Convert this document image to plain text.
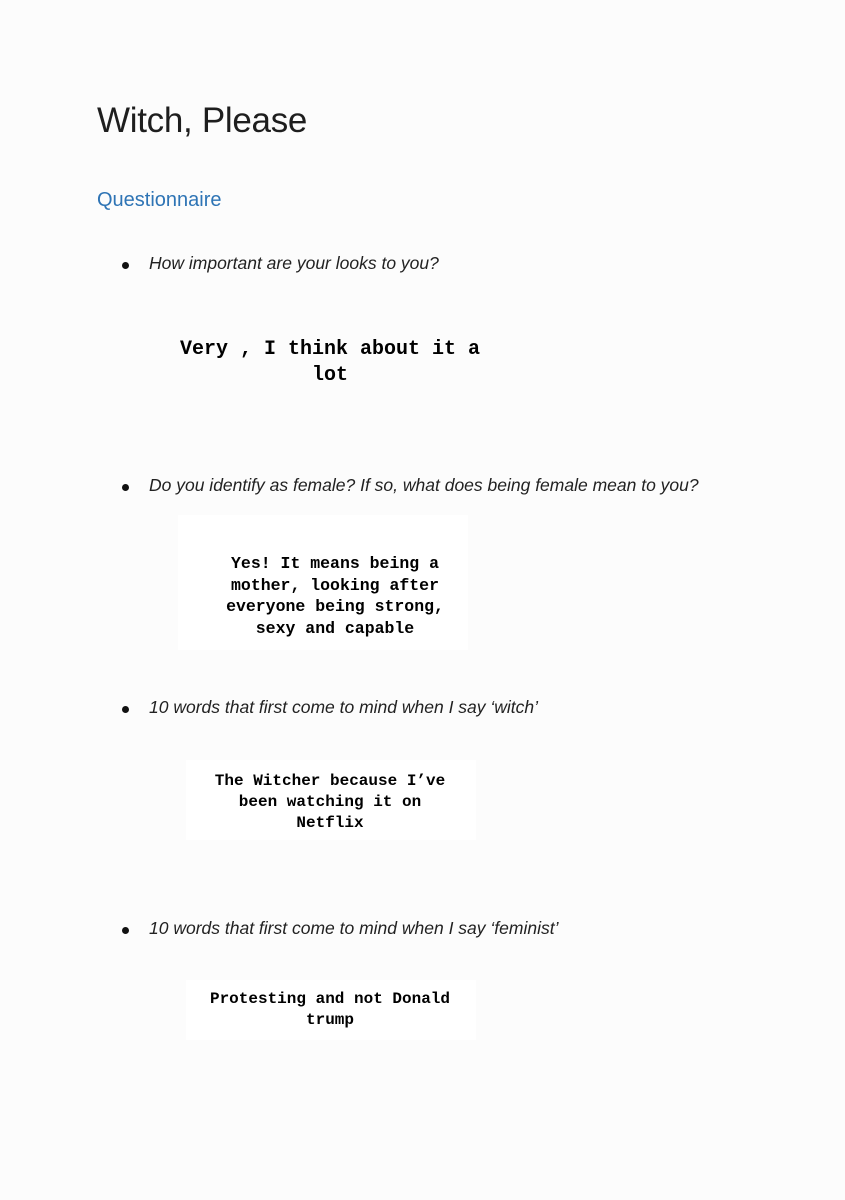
Witch, Please
Questionnaire
How important are your looks to you?
Very , I think about it a
lot
Do you identify as female? If so, what does being female mean to you?
Yes! It means being a
mother, looking after
everyone being strong,
sexy and capable
10 words that first come to mind when I say ‘witch’
The Witcher because I’ve
been watching it on
Netflix
10 words that first come to mind when I say ‘feminist’
Protesting and not Donald
trump
